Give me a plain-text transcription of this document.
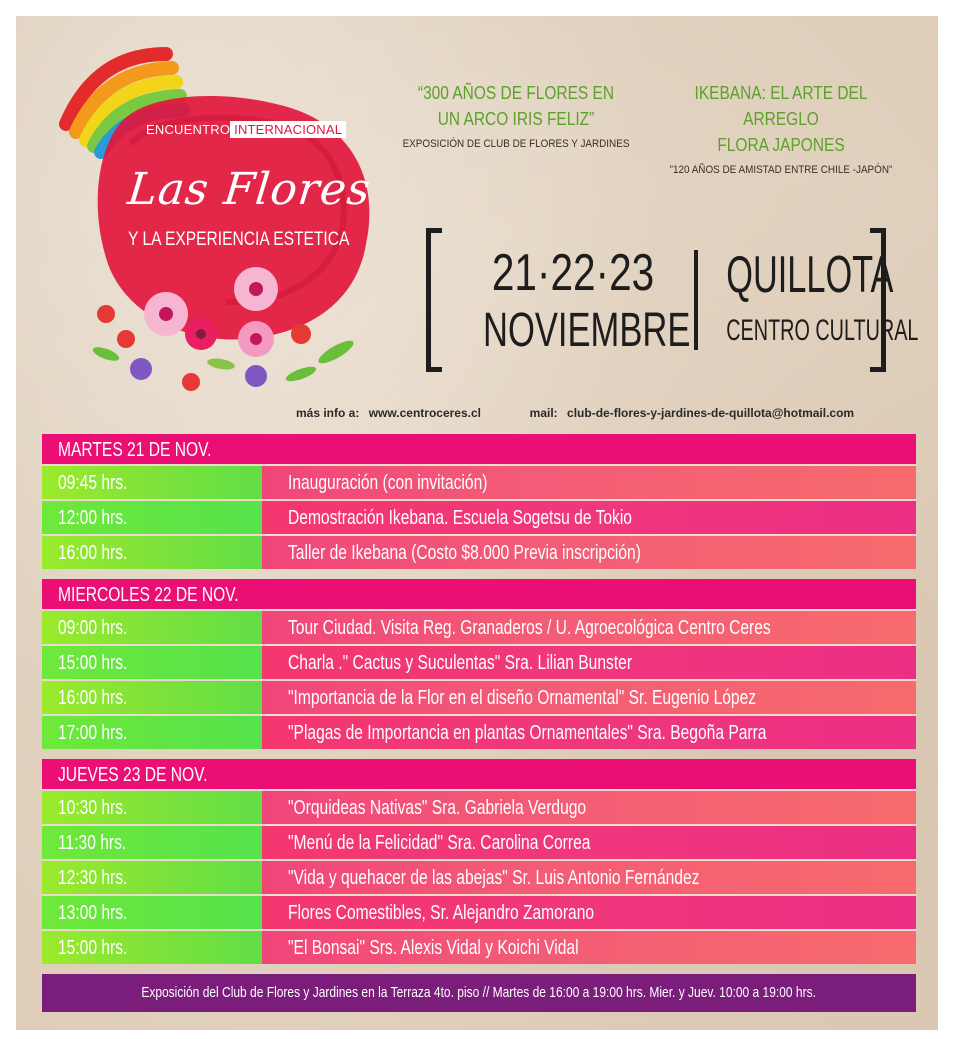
ENCUENTRO INTERNACIONAL
Las Flores
Y LA EXPERIENCIA ESTETICA
“300 AÑOS DE FLORES EN
UN ARCO IRIS FELIZ”
EXPOSICIÓN DE CLUB DE FLORES Y JARDINES
IKEBANA: EL ARTE DEL ARREGLO
FLORA JAPONES
”120 AÑOS DE AMISTAD ENTRE CHILE -JAPÓN”
21·22·23
NOVIEMBRE
QUILLOTA
CENTRO CULTURAL
más info a: www.centroceres.cl	mail: club-de-flores-y-jardines-de-quillota@hotmail.com
MARTES 21 DE NOV.
09:45 hrs.	Inauguración (con invitación)
12:00 hrs.	Demostración Ikebana. Escuela Sogetsu de Tokio
16:00 hrs.	Taller de Ikebana (Costo $8.000 Previa inscripción)
MIERCOLES 22 DE NOV.
09:00 hrs.	Tour Ciudad. Visita Reg. Granaderos / U. Agroecológica Centro Ceres
15:00 hrs.	Charla ." Cactus y Suculentas" Sra. Lilian Bunster
16:00 hrs.	"Importancia de la Flor en el diseño Ornamental" Sr. Eugenio López
17:00 hrs.	"Plagas de Importancia en plantas Ornamentales" Sra. Begoña Parra
JUEVES 23 DE NOV.
10:30 hrs.	"Orquideas Nativas" Sra. Gabriela Verdugo
11:30 hrs.	"Menú de la Felicidad" Sra. Carolina Correa
12:30 hrs.	"Vida y quehacer de las abejas" Sr. Luis Antonio Fernández
13:00 hrs.	Flores Comestibles, Sr. Alejandro Zamorano
15:00 hrs.	"El Bonsai" Srs. Alexis Vidal y Koichi Vidal
Exposición del Club de Flores y Jardines en la Terraza 4to. piso // Martes de 16:00 a 19:00 hrs. Mier. y Juev. 10:00 a 19:00 hrs.
